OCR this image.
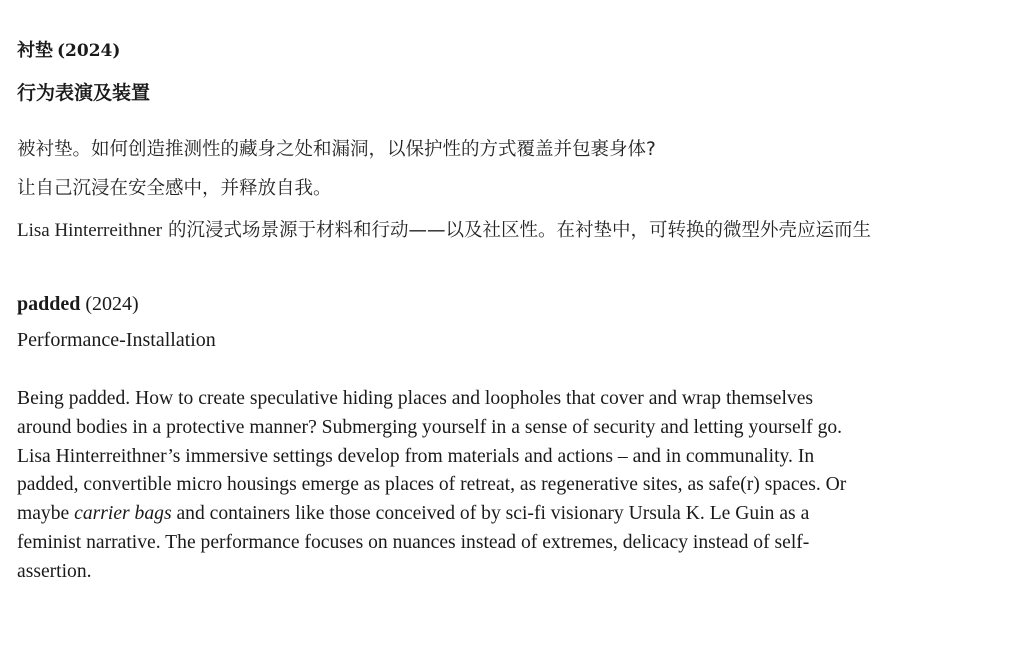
衬垫 (2024)
行为表演及装置
被衬垫。如何创造推测性的藏身之处和漏洞，以保护性的方式覆盖并包裹身体?
让自己沉浸在安全感中，并释放自我。
Lisa Hinterreithner 的沉浸式场景源于材料和行动——以及社区性。在衬垫中，可转换的微型外壳应运而生
padded (2024)
Performance-Installation
Being padded. How to create speculative hiding places and loopholes that cover and wrap themselves
around bodies in a protective manner? Submerging yourself in a sense of security and letting yourself go.
Lisa Hinterreithner’s immersive settings develop from materials and actions – and in communality. In
padded, convertible micro housings emerge as places of retreat, as regenerative sites, as safe(r) spaces. Or
maybe carrier bags and containers like those conceived of by sci-fi visionary Ursula K. Le Guin as a
feminist narrative. The performance focuses on nuances instead of extremes, delicacy instead of self-
assertion.
